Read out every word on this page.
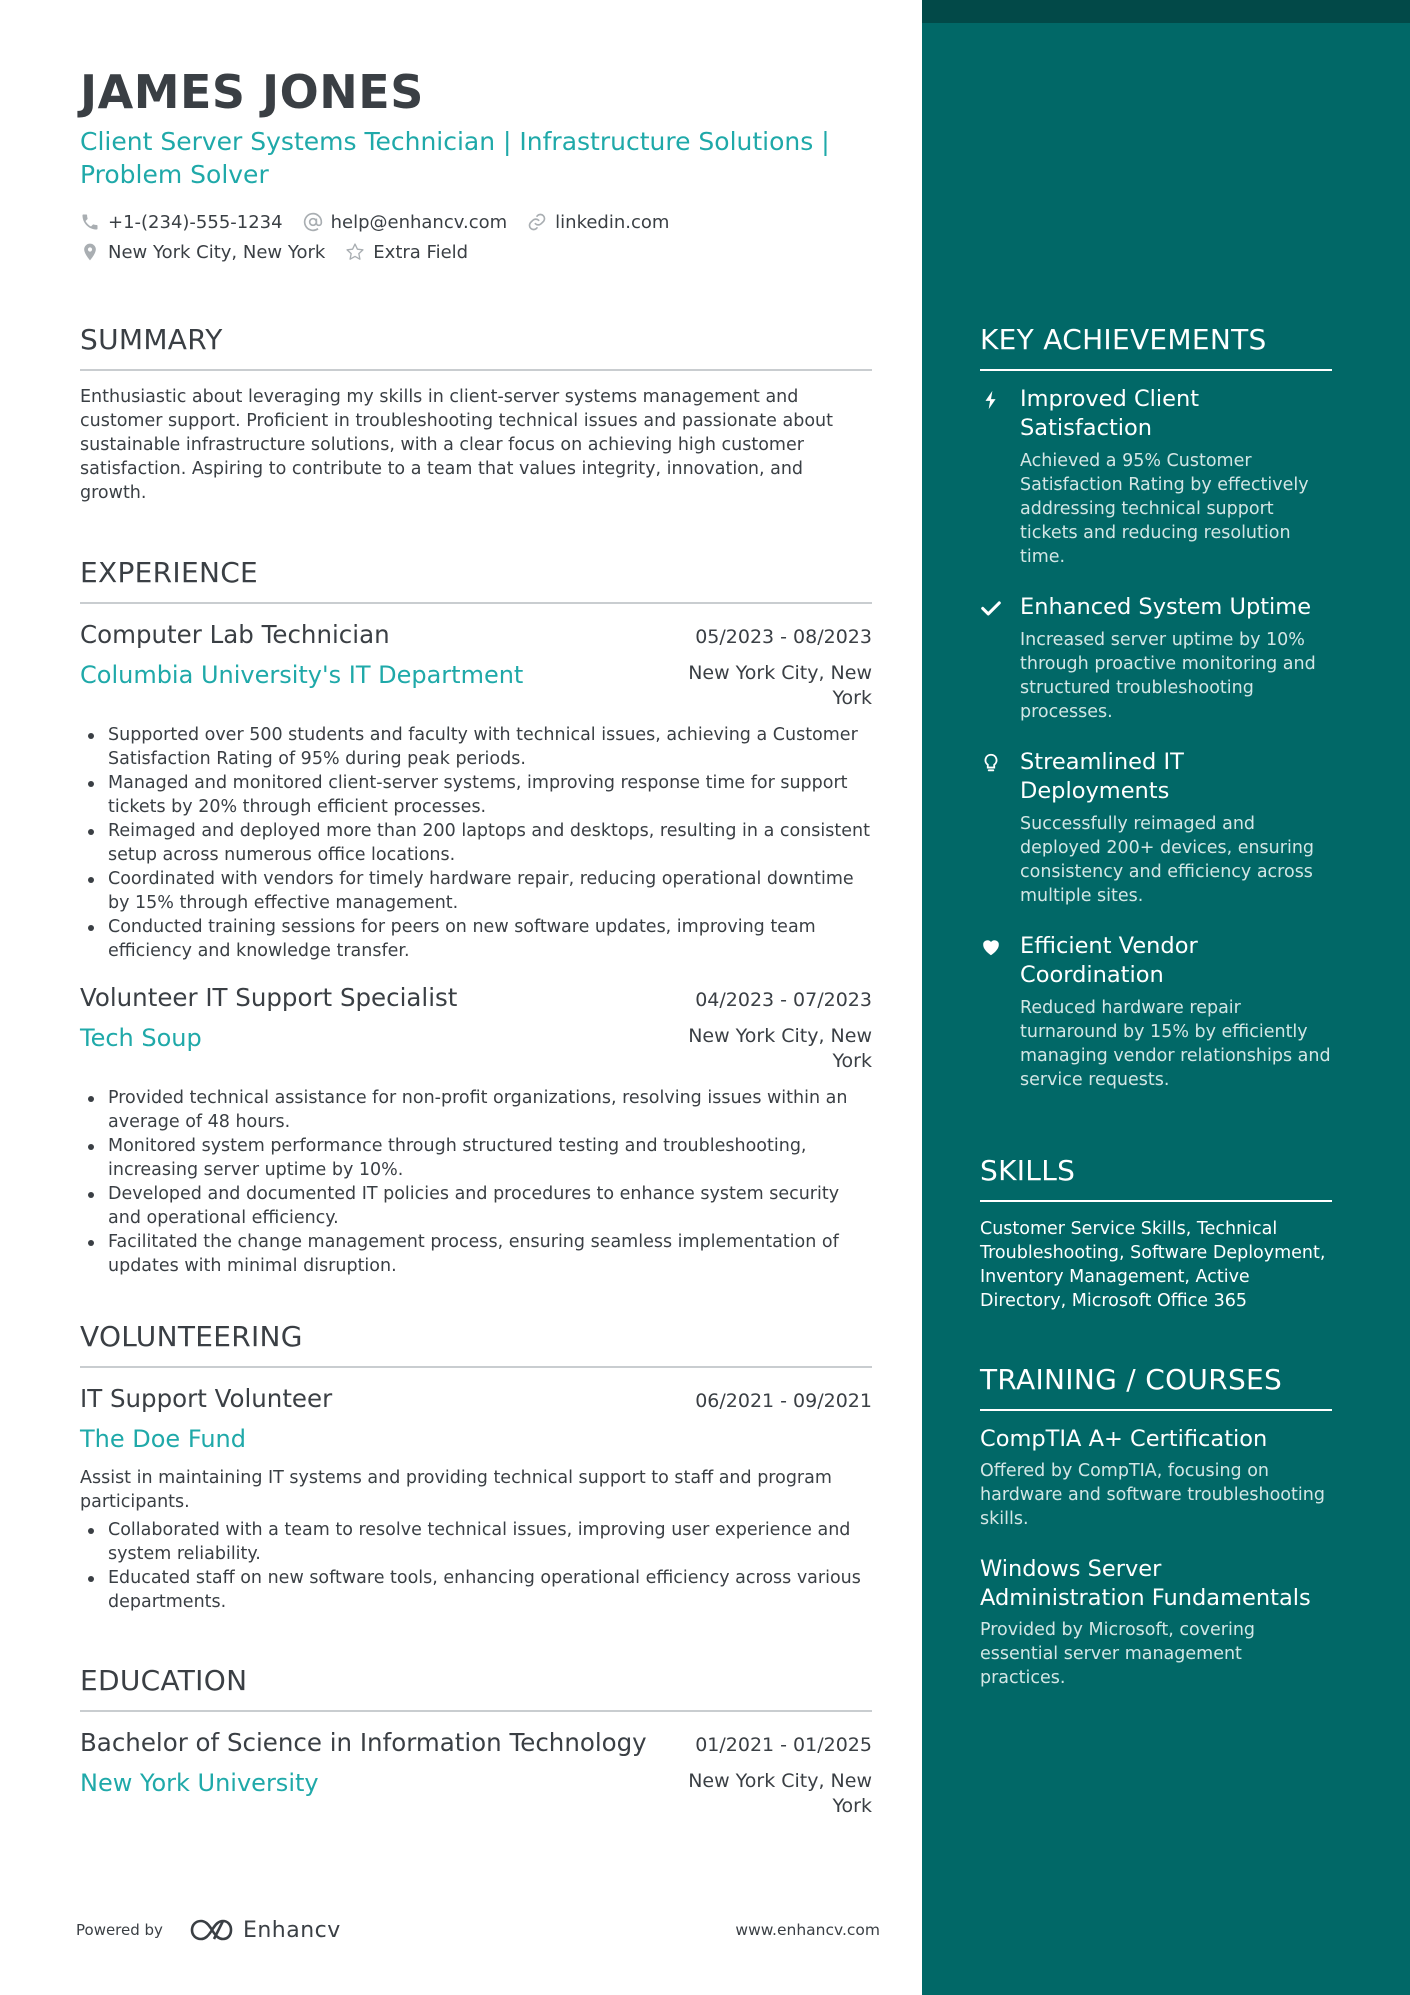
JAMES JONES
Client Server Systems Technician | Infrastructure Solutions | Problem Solver
+1-(234)-555-1234	help@enhancv.com	linkedin.com
New York City, New York	Extra Field
SUMMARY
Enthusiastic about leveraging my skills in client-server systems management and customer support. Proficient in troubleshooting technical issues and passionate about sustainable infrastructure solutions, with a clear focus on achieving high customer satisfaction. Aspiring to contribute to a team that values integrity, innovation, and growth.
EXPERIENCE
Computer Lab Technician	05/2023 - 08/2023
Columbia University's IT Department	New York City, New York
Supported over 500 students and faculty with technical issues, achieving a Customer Satisfaction Rating of 95% during peak periods.
Managed and monitored client-server systems, improving response time for support tickets by 20% through efficient processes.
Reimaged and deployed more than 200 laptops and desktops, resulting in a consistent setup across numerous office locations.
Coordinated with vendors for timely hardware repair, reducing operational downtime by 15% through effective management.
Conducted training sessions for peers on new software updates, improving team efficiency and knowledge transfer.
Volunteer IT Support Specialist	04/2023 - 07/2023
Tech Soup	New York City, New York
Provided technical assistance for non-profit organizations, resolving issues within an average of 48 hours.
Monitored system performance through structured testing and troubleshooting, increasing server uptime by 10%.
Developed and documented IT policies and procedures to enhance system security and operational efficiency.
Facilitated the change management process, ensuring seamless implementation of updates with minimal disruption.
VOLUNTEERING
IT Support Volunteer	06/2021 - 09/2021
The Doe Fund
Assist in maintaining IT systems and providing technical support to staff and program participants.
Collaborated with a team to resolve technical issues, improving user experience and system reliability.
Educated staff on new software tools, enhancing operational efficiency across various departments.
EDUCATION
Bachelor of Science in Information Technology	01/2021 - 01/2025
New York University	New York City, New York
Powered by	Enhancv	www.enhancv.com
KEY ACHIEVEMENTS
Improved Client Satisfaction
Achieved a 95% Customer Satisfaction Rating by effectively addressing technical support tickets and reducing resolution time.
Enhanced System Uptime
Increased server uptime by 10% through proactive monitoring and structured troubleshooting processes.
Streamlined IT Deployments
Successfully reimaged and deployed 200+ devices, ensuring consistency and efficiency across multiple sites.
Efficient Vendor Coordination
Reduced hardware repair turnaround by 15% by efficiently managing vendor relationships and service requests.
SKILLS
Customer Service Skills, Technical Troubleshooting, Software Deployment, Inventory Management, Active Directory, Microsoft Office 365
TRAINING / COURSES
CompTIA A+ Certification
Offered by CompTIA, focusing on hardware and software troubleshooting skills.
Windows Server Administration Fundamentals
Provided by Microsoft, covering essential server management practices.
